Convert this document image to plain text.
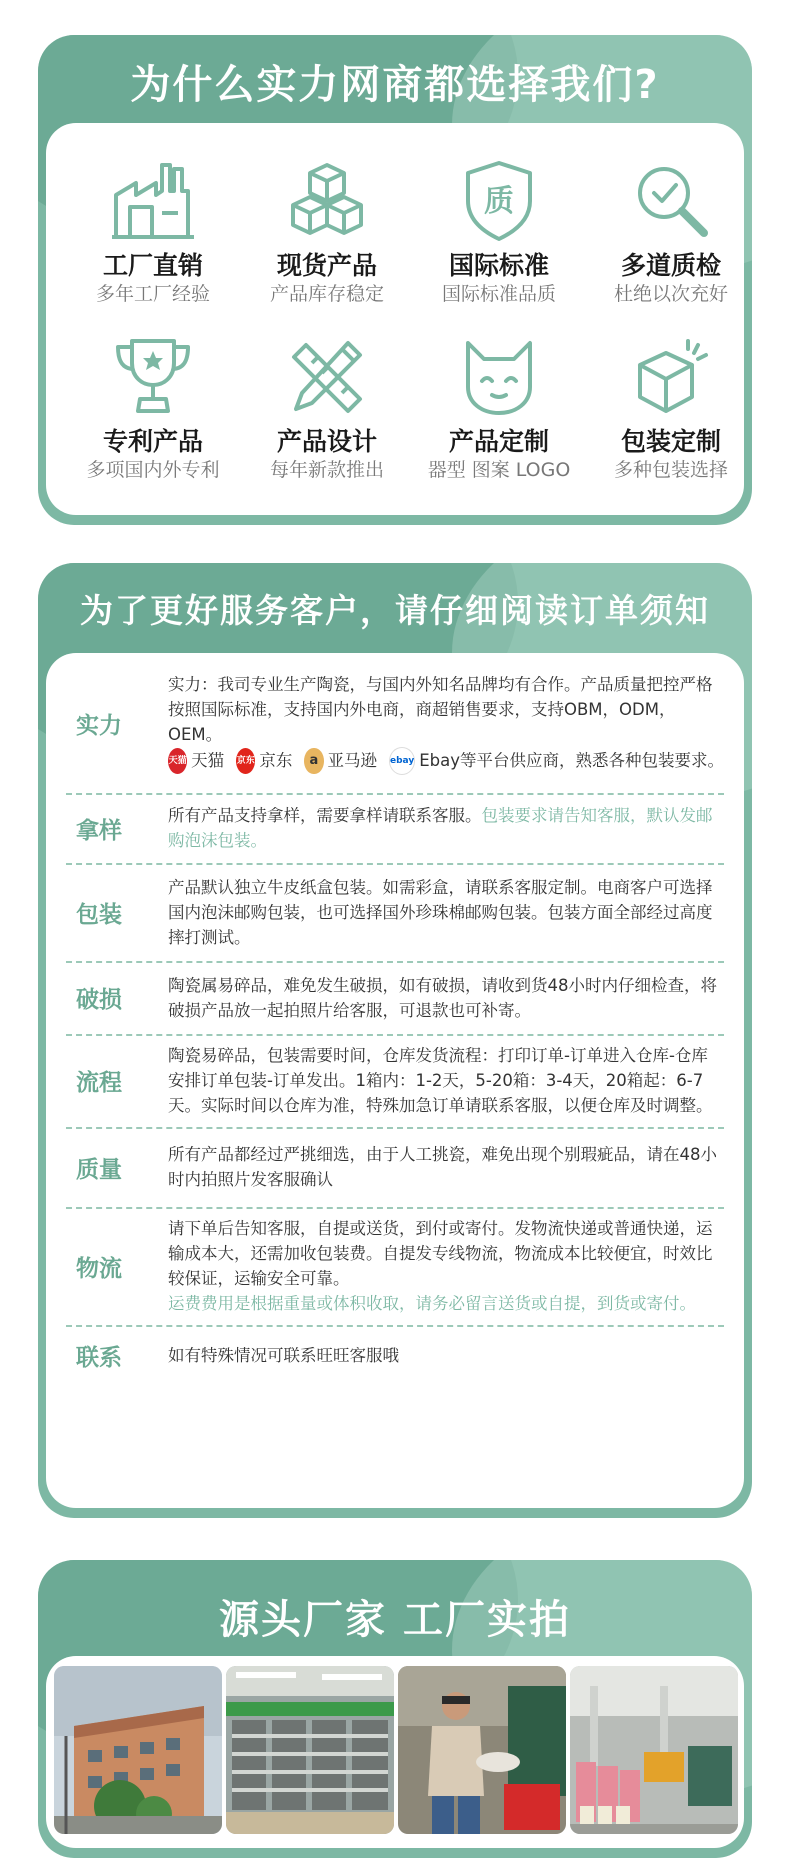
为什么实力网商都选择我们?
工厂直销
多年工厂经验
现货产品
产品库存稳定
质
国际标准
国际标准品质
多道质检
杜绝以次充好
专利产品
多项国内外专利
产品设计
每年新款推出
产品定制
器型 图案 LOGO
包装定制
多种包装选择
为了更好服务客户，请仔细阅读订单须知
实力
实力：我司专业生产陶瓷，与国内外知名品牌均有合作。产品质量把控严格
按照国际标准，支持国内外电商，商超销售要求，支持OBM，ODM，OEM。
天猫 天猫 京东 京东	a 亚马逊 ebay Ebay 等平台供应商，熟悉各种包装要求。
拿样
所有产品支持拿样，需要拿样请联系客服。包装要求请告知客服，默认发邮购泡沫包装。
包装
产品默认独立牛皮纸盒包装。如需彩盒，请联系客服定制。电商客户可选择国内泡沫邮购包装，也可选择国外珍珠棉邮购包装。包装方面全部经过高度摔打测试。
破损
陶瓷属易碎品，难免发生破损，如有破损，请收到货48小时内仔细检查，将破损产品放一起拍照片给客服，可退款也可补寄。
流程
陶瓷易碎品，包装需要时间，仓库发货流程：打印订单-订单进入仓库-仓库安排订单包装-订单发出。1箱内：1-2天，5-20箱：3-4天，20箱起：6-7天。实际时间以仓库为准，特殊加急订单请联系客服，以便仓库及时调整。
质量
所有产品都经过严挑细选，由于人工挑瓷，难免出现个别瑕疵品，请在48小时内拍照片发客服确认
物流
请下单后告知客服，自提或送货，到付或寄付。发物流快递或普通快递，运输成本大，还需加收包装费。自提发专线物流，物流成本比较便宜，时效比较保证，运输安全可靠。
运费费用是根据重量或体积收取，请务必留言送货或自提，到货或寄付。
联系	如有特殊情况可联系旺旺客服哦
源头厂家 工厂实拍
